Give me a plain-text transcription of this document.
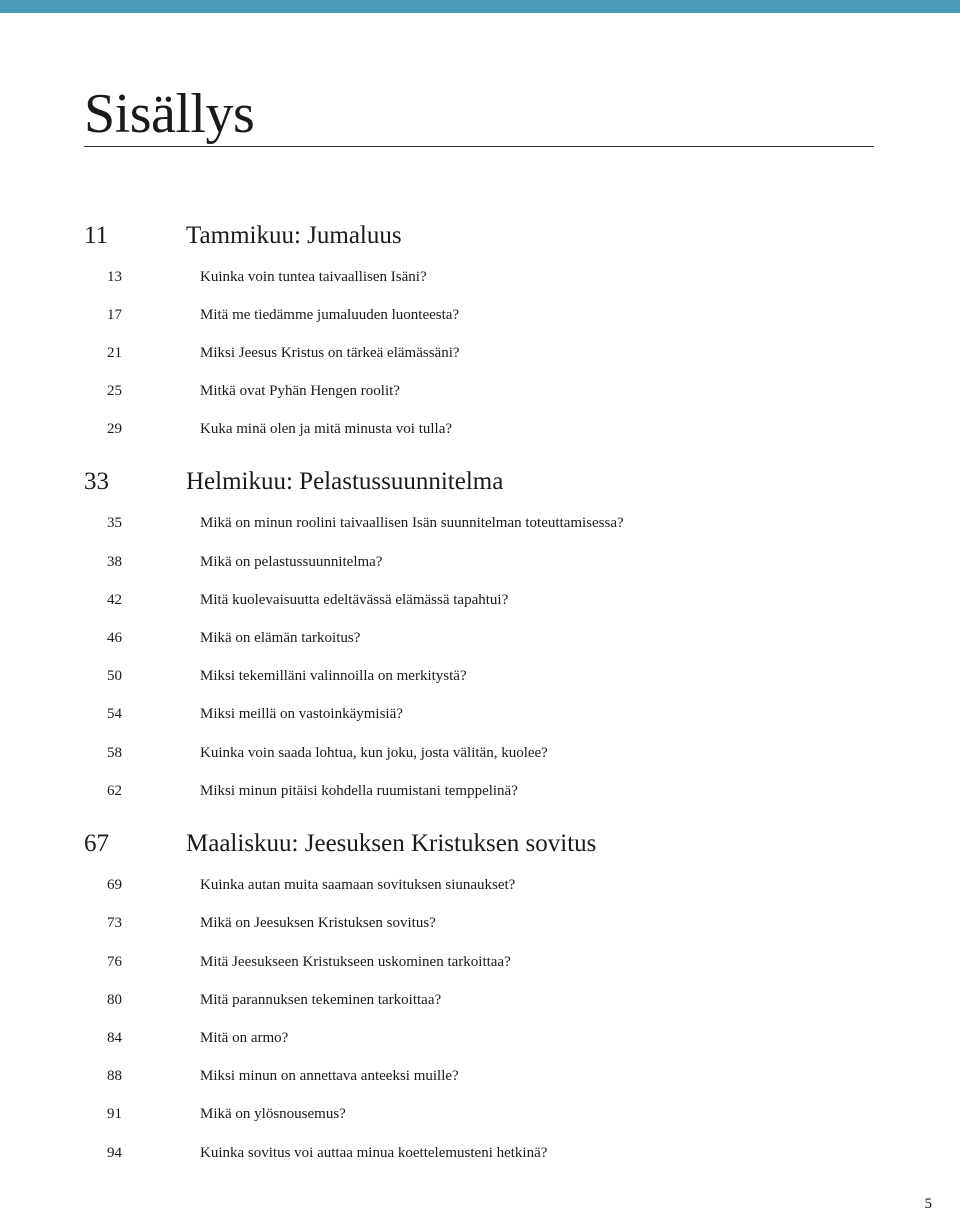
Sisällys
11	Tammikuu: Jumaluus
13	Kuinka voin tuntea taivaallisen Isäni?
17	Mitä me tiedämme jumaluuden luonteesta?
21	Miksi Jeesus Kristus on tärkeä elämässäni?
25	Mitkä ovat Pyhän Hengen roolit?
29	Kuka minä olen ja mitä minusta voi tulla?
33	Helmikuu: Pelastussuunnitelma
35	Mikä on minun roolini taivaallisen Isän suunnitelman toteuttamisessa?
38	Mikä on pelastussuunnitelma?
42	Mitä kuolevaisuutta edeltävässä elämässä tapahtui?
46	Mikä on elämän tarkoitus?
50	Miksi tekemilläni valinnoilla on merkitystä?
54	Miksi meillä on vastoinkäymisiä?
58	Kuinka voin saada lohtua, kun joku, josta välitän, kuolee?
62	Miksi minun pitäisi kohdella ruumistani temppelinä?
67	Maaliskuu: Jeesuksen Kristuksen sovitus
69	Kuinka autan muita saamaan sovituksen siunaukset?
73	Mikä on Jeesuksen Kristuksen sovitus?
76	Mitä Jeesukseen Kristukseen uskominen tarkoittaa?
80	Mitä parannuksen tekeminen tarkoittaa?
84	Mitä on armo?
88	Miksi minun on annettava anteeksi muille?
91	Mikä on ylösnousemus?
94	Kuinka sovitus voi auttaa minua koettelemusteni hetkinä?
5
